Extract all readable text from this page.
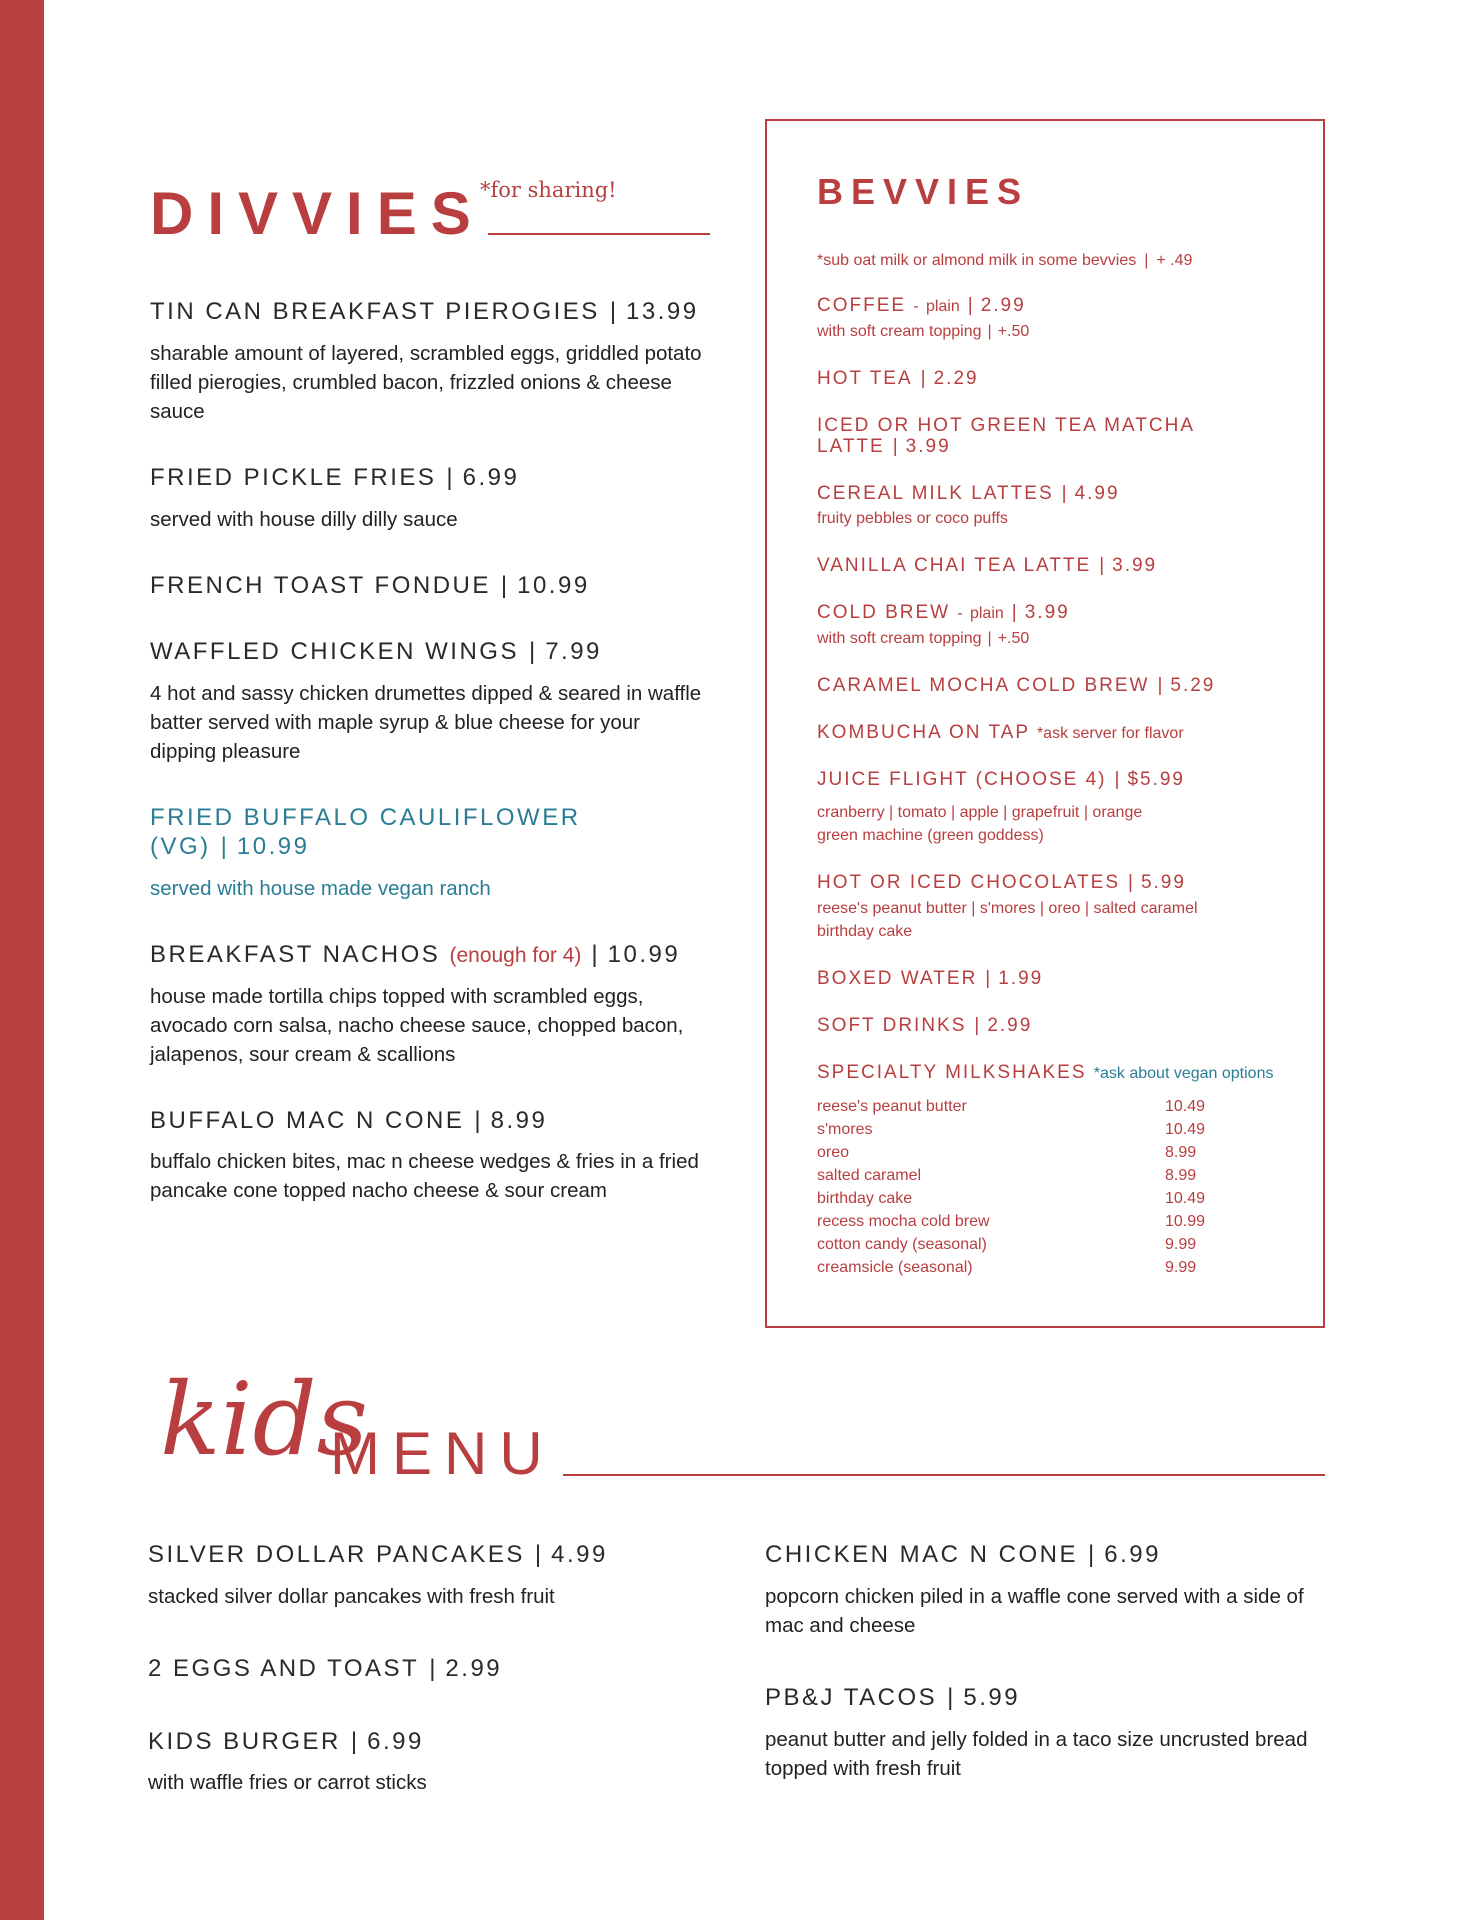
DIVVIES
*for sharing!
TIN CAN BREAKFAST PIEROGIES | 13.99
sharable amount of layered, scrambled eggs, griddled potato filled pierogies, crumbled bacon, frizzled onions & cheese sauce
FRIED PICKLE FRIES | 6.99
served with house dilly dilly sauce
FRENCH TOAST FONDUE | 10.99
WAFFLED CHICKEN WINGS | 7.99
4 hot and sassy chicken drumettes dipped & seared in waffle batter served with maple syrup & blue cheese for your dipping pleasure
FRIED BUFFALO CAULIFLOWER (VG) | 10.99
served with house made vegan ranch
BREAKFAST NACHOS (enough for 4) | 10.99
house made tortilla chips topped with scrambled eggs, avocado corn salsa, nacho cheese sauce, chopped bacon, jalapenos, sour cream & scallions
BUFFALO MAC N CONE | 8.99
buffalo chicken bites, mac n cheese wedges & fries in a fried pancake cone topped nacho cheese & sour cream
BEVVIES
*sub oat milk or almond milk in some bevvies | + .49
COFFEE - plain | 2.99
with soft cream topping | +.50
HOT TEA | 2.29
ICED OR HOT GREEN TEA MATCHA LATTE | 3.99
CEREAL MILK LATTES | 4.99
fruity pebbles or coco puffs
VANILLA CHAI TEA LATTE | 3.99
COLD BREW - plain | 3.99
with soft cream topping | +.50
CARAMEL MOCHA COLD BREW | 5.29
KOMBUCHA ON TAP *ask server for flavor
JUICE FLIGHT (CHOOSE 4) | $5.99
cranberry | tomato | apple | grapefruit | orange
green machine (green goddess)
HOT OR ICED CHOCOLATES | 5.99
reese's peanut butter | s'mores | oreo | salted caramel
birthday cake
BOXED WATER | 1.99
SOFT DRINKS | 2.99
SPECIALTY MILKSHAKES *ask about vegan options
reese's peanut butter	10.49
s'mores	10.49
oreo	8.99
salted caramel	8.99
birthday cake	10.49
recess mocha cold brew	10.99
cotton candy (seasonal)	9.99
creamsicle (seasonal)	9.99
kids
MENU
SILVER DOLLAR PANCAKES | 4.99
stacked silver dollar pancakes with fresh fruit
2 EGGS AND TOAST | 2.99
KIDS BURGER | 6.99
with waffle fries or carrot sticks
CHICKEN MAC N CONE | 6.99
popcorn chicken piled in a waffle cone served with a side of mac and cheese
PB&J TACOS | 5.99
peanut butter and jelly folded in a taco size uncrusted bread topped with fresh fruit
